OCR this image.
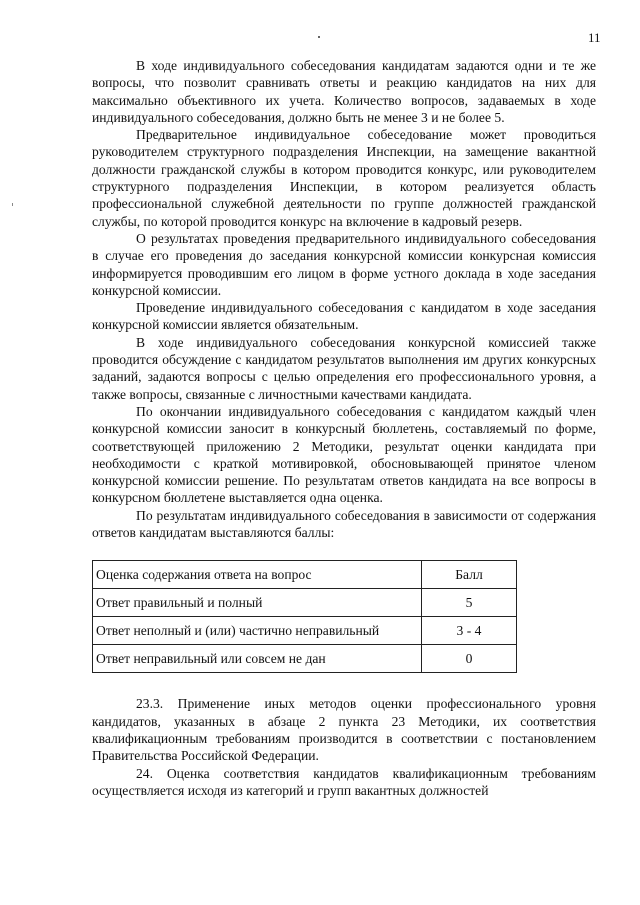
11

В ходе индивидуального собеседования кандидатам задаются одни и те же вопросы, что позволит сравнивать ответы и реакцию кандидатов на них для максимально объективного их учета. Количество вопросов, задаваемых в ходе индивидуального собеседования, должно быть не менее 3 и не более 5.

Предварительное индивидуальное собеседование может проводиться руководителем структурного подразделения Инспекции, на замещение вакантной должности гражданской службы в котором проводится конкурс, или руководителем структурного подразделения Инспекции, в котором реализуется область профессиональной служебной деятельности по группе должностей гражданской службы, по которой проводится конкурс на включение в кадровый резерв.

О результатах проведения предварительного индивидуального собеседования в случае его проведения до заседания конкурсной комиссии конкурсная комиссия информируется проводившим его лицом в форме устного доклада в ходе заседания конкурсной комиссии.

Проведение индивидуального собеседования с кандидатом в ходе заседания конкурсной комиссии является обязательным.

В ходе индивидуального собеседования конкурсной комиссией также проводится обсуждение с кандидатом результатов выполнения им других конкурсных заданий, задаются вопросы с целью определения его профессионального уровня, а также вопросы, связанные с личностными качествами кандидата.

По окончании индивидуального собеседования с кандидатом каждый член конкурсной комиссии заносит в конкурсный бюллетень, составляемый по форме, соответствующей приложению 2 Методики, результат оценки кандидата при необходимости с краткой мотивировкой, обосновывающей принятое членом конкурсной комиссии решение. По результатам ответов кандидата на все вопросы в конкурсном бюллетене выставляется одна оценка.

По результатам индивидуального собеседования в зависимости от содержания ответов кандидатам выставляются баллы:

Оценка содержания ответа на вопрос	Балл
Ответ правильный и полный	5
Ответ неполный и (или) частично неправильный	3 - 4
Ответ неправильный или совсем не дан	0

23.3. Применение иных методов оценки профессионального уровня кандидатов, указанных в абзаце 2 пункта 23 Методики, их соответствия квалификационным требованиям производится в соответствии с постановлением Правительства Российской Федерации.

24. Оценка соответствия кандидатов квалификационным требованиям осуществляется исходя из категорий и групп вакантных должностей
